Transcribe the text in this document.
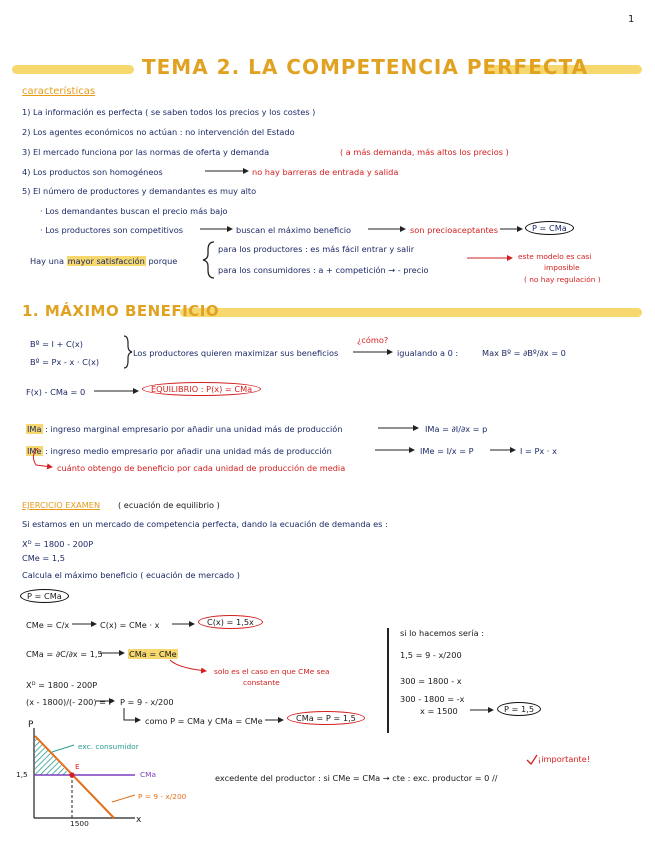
1
TEMA 2. LA COMPETENCIA PERFECTA
características
1) La información es perfecta ( se saben todos los precios y los costes )
2) Los agentes económicos no actúan : no intervención del Estado
3) El mercado funciona por las normas de oferta y demanda	( a más demanda, más altos los precios )
4) Los productos son homogéneos	no hay barreras de entrada y salida
5) El número de productores y demandantes es muy alto
· Los demandantes buscan el precio más bajo
· Los productores son competitivos	buscan el máximo beneficio	son precioaceptantes	P = CMa
Hay una mayor satisfacción porque
para los productores : es más fácil entrar y salir
para los consumidores : a + competición → - precio
este modelo es casi
imposible
( no hay regulación )
1. MÁXIMO BENEFICIO
Bº = I + C(x)
Bº = Px - x · C(x)
Los productores quieren maximizar sus beneficios
¿cómo?
igualando a 0 :	Max Bº = ∂Bº/∂x = 0
F(x) - CMa = 0	EQUILIBRIO : P(x) = CMa
IMa : ingreso marginal empresario por añadir una unidad más de producción	IMa = ∂I/∂x = p
IMe : ingreso medio empresario por añadir una unidad más de producción	IMe = I/x = P	I = Px · x
cuánto obtengo de beneficio por cada unidad de producción de media
EJERCICIO EXAMEN ( ecuación de equilibrio )
Si estamos en un mercado de competencia perfecta, dando la ecuación de demanda es :
Xᴰ = 1800 - 200P
CMe = 1,5
Calcula el máximo beneficio ( ecuación de mercado )
P = CMa
CMe = C/x	C(x) = CMe · x	C(x) = 1,5x
CMa = ∂C/∂x = 1,5	CMa = CMe
solo es el caso en que CMe sea
constante
Xᴰ = 1800 - 200P
(x - 1800)/(- 200) = P P = 9 - x/200
como P = CMa y CMa = CMe	CMa = P = 1,5
si lo hacemos sería :
1,5 = 9 - x/200
300 = 1800 - x
300 - 1800 = -x
x = 1500	P = 1,5
¡importante!
excedente del productor : si CMe = CMa → cte : exc. productor = 0 //
P
x
1,5
1500
E
CMa
exc. consumidor
P = 9 - x/200
